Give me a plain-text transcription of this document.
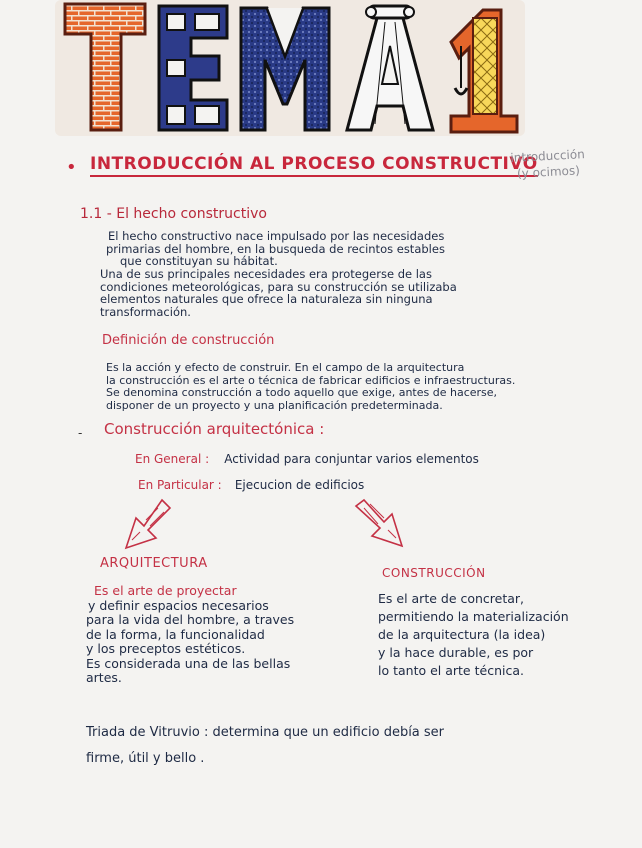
• INTRODUCCIÓN AL PROCESO CONSTRUCTIVO
introducción
(y ocimos)
1.1 - El hecho constructivo
El hecho constructivo nace impulsado por las necesidades
primarias del hombre, en la busqueda de recintos estables
que constituyan su hábitat.
Una de sus principales necesidades era protegerse de las
condiciones meteorológicas, para su construcción se utilizaba
elementos naturales que ofrece la naturaleza sin ninguna
transformación.
Definición de construcción
Es la acción y efecto de construir. En el campo de la arquitectura
la construcción es el arte o técnica de fabricar edificios e infraestructuras.
Se denomina construcción a todo aquello que exige, antes de hacerse,
disponer de un proyecto y una planificación predeterminada.
- Construcción arquitectónica :
En General : Actividad para conjuntar varios elementos
En Particular : Ejecucion de edificios
ARQUITECTURA
Es el arte de proyectar
y definir espacios necesarios
para la vida del hombre, a traves
de la forma, la funcionalidad
y los preceptos estéticos.
Es considerada una de las bellas
artes.
CONSTRUCCIÓN
Es el arte de concretar,
permitiendo la materialización
de la arquitectura (la idea)
y la hace durable, es por
lo tanto el arte técnica.
Triada de Vitruvio : determina que un edificio debía ser
firme, útil y bello .
